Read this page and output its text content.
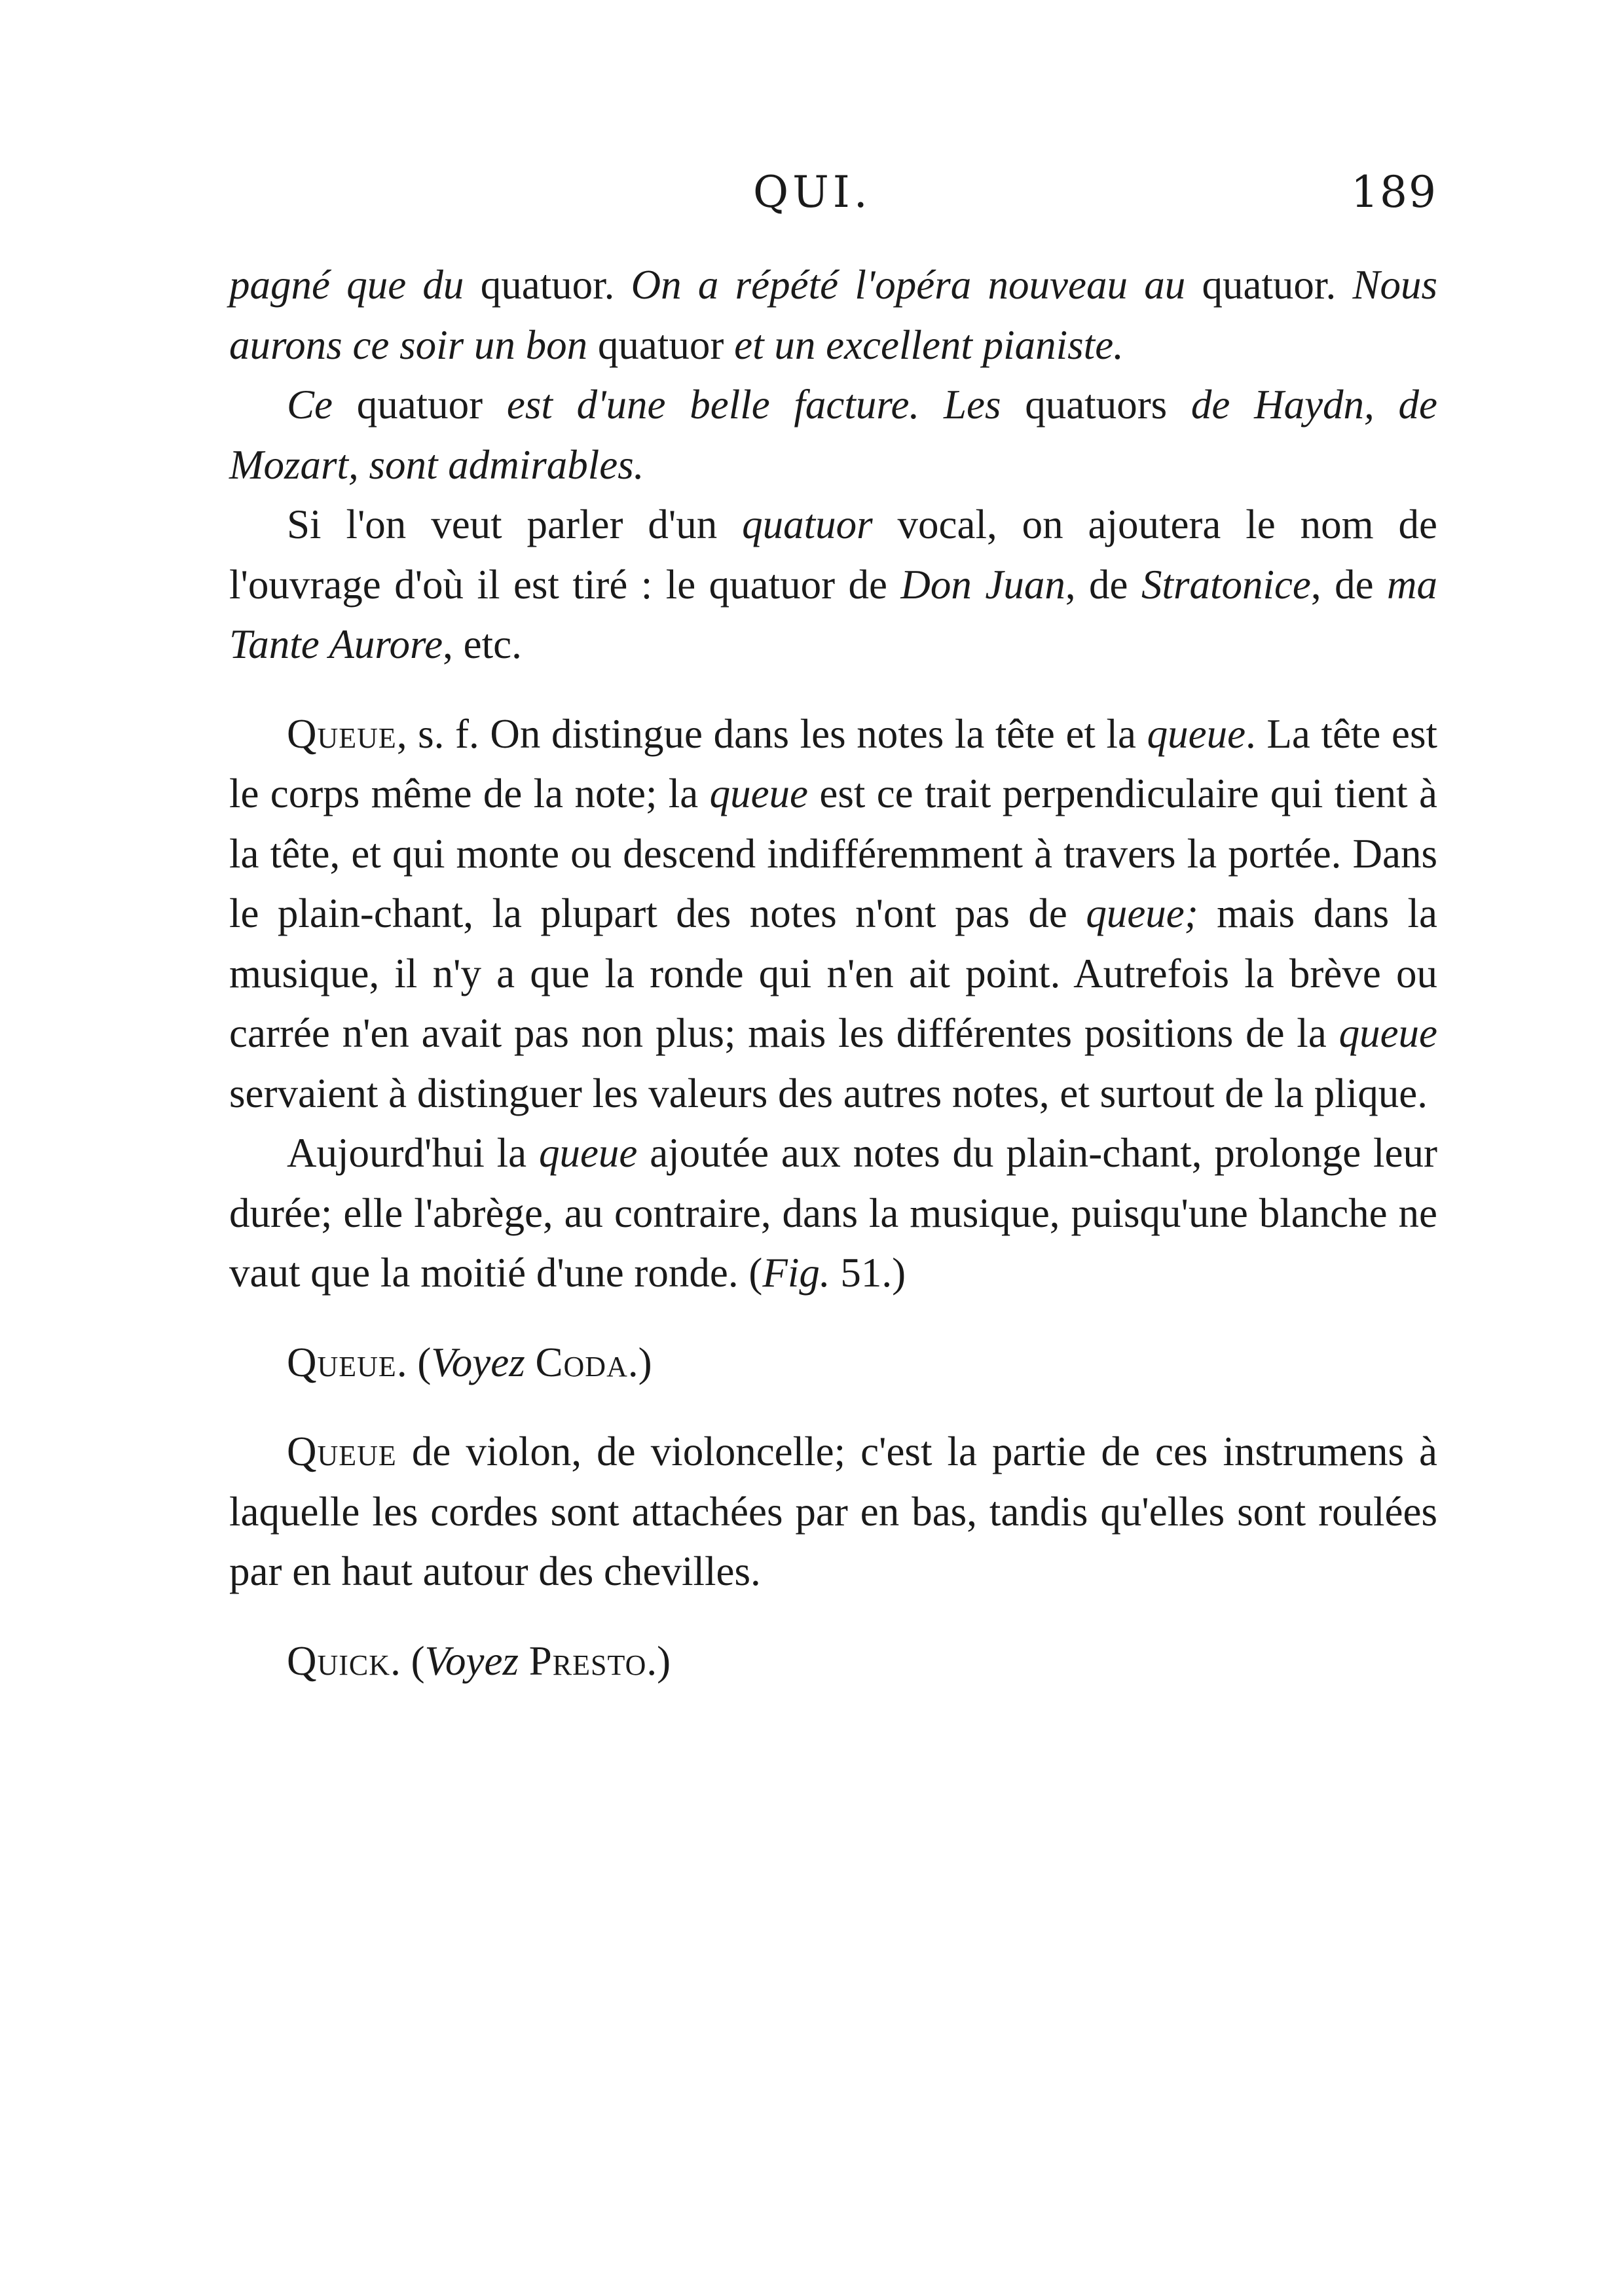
QUI.	189

pagné que du quatuor. On a répété l'opéra nouveau au quatuor. Nous aurons ce soir un bon quatuor et un excellent pianiste.

Ce quatuor est d'une belle facture. Les quatuors de Haydn, de Mozart, sont admirables.

Si l'on veut parler d'un quatuor vocal, on ajoutera le nom de l'ouvrage d'où il est tiré : le quatuor de Don Juan, de Stratonice, de ma Tante Aurore, etc.

Queue, s. f. On distingue dans les notes la tête et la queue. La tête est le corps même de la note; la queue est ce trait perpendiculaire qui tient à la tête, et qui monte ou descend indifféremment à travers la portée. Dans le plain-chant, la plupart des notes n'ont pas de queue; mais dans la musique, il n'y a que la ronde qui n'en ait point. Autrefois la brève ou carrée n'en avait pas non plus; mais les différentes positions de la queue servaient à distinguer les valeurs des autres notes, et surtout de la plique.

Aujourd'hui la queue ajoutée aux notes du plain-chant, prolonge leur durée; elle l'abrège, au contraire, dans la musique, puisqu'une blanche ne vaut que la moitié d'une ronde. (Fig. 51.)

Queue. (Voyez Coda.)

Queue de violon, de violoncelle; c'est la partie de ces instrumens à laquelle les cordes sont attachées par en bas, tandis qu'elles sont roulées par en haut autour des chevilles.

Quick. (Voyez Presto.)
